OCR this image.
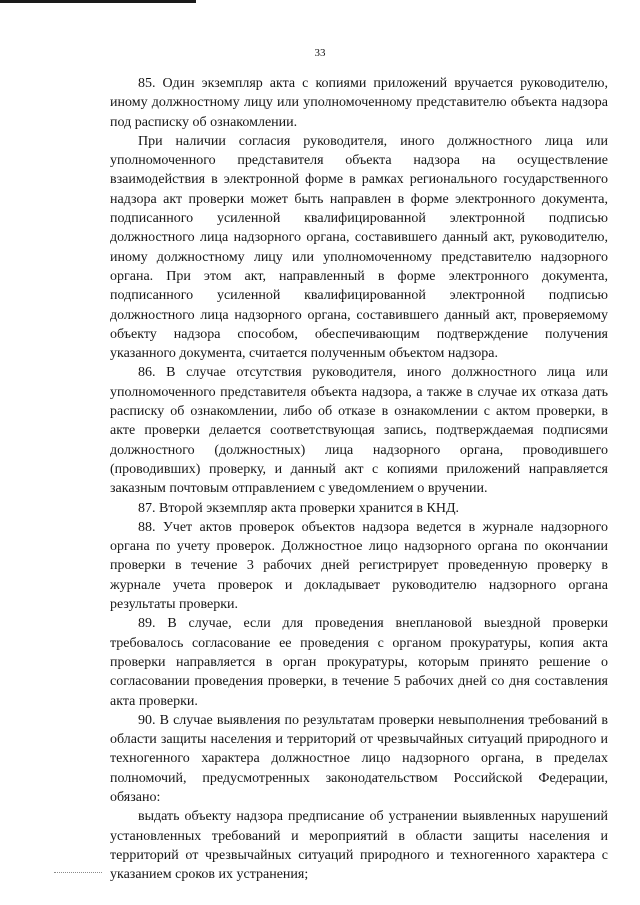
33

85. Один экземпляр акта с копиями приложений вручается руководителю, иному должностному лицу или уполномоченному представителю объекта надзора под расписку об ознакомлении.

При наличии согласия руководителя, иного должностного лица или уполномоченного представителя объекта надзора на осуществление взаимодействия в электронной форме в рамках регионального государственного надзора акт проверки может быть направлен в форме электронного документа, подписанного усиленной квалифицированной электронной подписью должностного лица надзорного органа, составившего данный акт, руководителю, иному должностному лицу или уполномоченному представителю надзорного органа. При этом акт, направленный в форме электронного документа, подписанного усиленной квалифицированной электронной подписью должностного лица надзорного органа, составившего данный акт, проверяемому объекту надзора способом, обеспечивающим подтверждение получения указанного документа, считается полученным объектом надзора.

86. В случае отсутствия руководителя, иного должностного лица или уполномоченного представителя объекта надзора, а также в случае их отказа дать расписку об ознакомлении, либо об отказе в ознакомлении с актом проверки, в акте проверки делается соответствующая запись, подтверждаемая подписями должностного (должностных) лица надзорного органа, проводившего (проводивших) проверку, и данный акт с копиями приложений направляется заказным почтовым отправлением с уведомлением о вручении.

87. Второй экземпляр акта проверки хранится в КНД.

88. Учет актов проверок объектов надзора ведется в журнале надзорного органа по учету проверок. Должностное лицо надзорного органа по окончании проверки в течение 3 рабочих дней регистрирует проведенную проверку в журнале учета проверок и докладывает руководителю надзорного органа результаты проверки.

89. В случае, если для проведения внеплановой выездной проверки требовалось согласование ее проведения с органом прокуратуры, копия акта проверки направляется в орган прокуратуры, которым принято решение о согласовании проведения проверки, в течение 5 рабочих дней со дня составления акта проверки.

90. В случае выявления по результатам проверки невыполнения требований в области защиты населения и территорий от чрезвычайных ситуаций природного и техногенного характера должностное лицо надзорного органа, в пределах полномочий, предусмотренных законодательством Российской Федерации, обязано:

выдать объекту надзора предписание об устранении выявленных нарушений установленных требований и мероприятий в области защиты населения и территорий от чрезвычайных ситуаций природного и техногенного характера с указанием сроков их устранения;
